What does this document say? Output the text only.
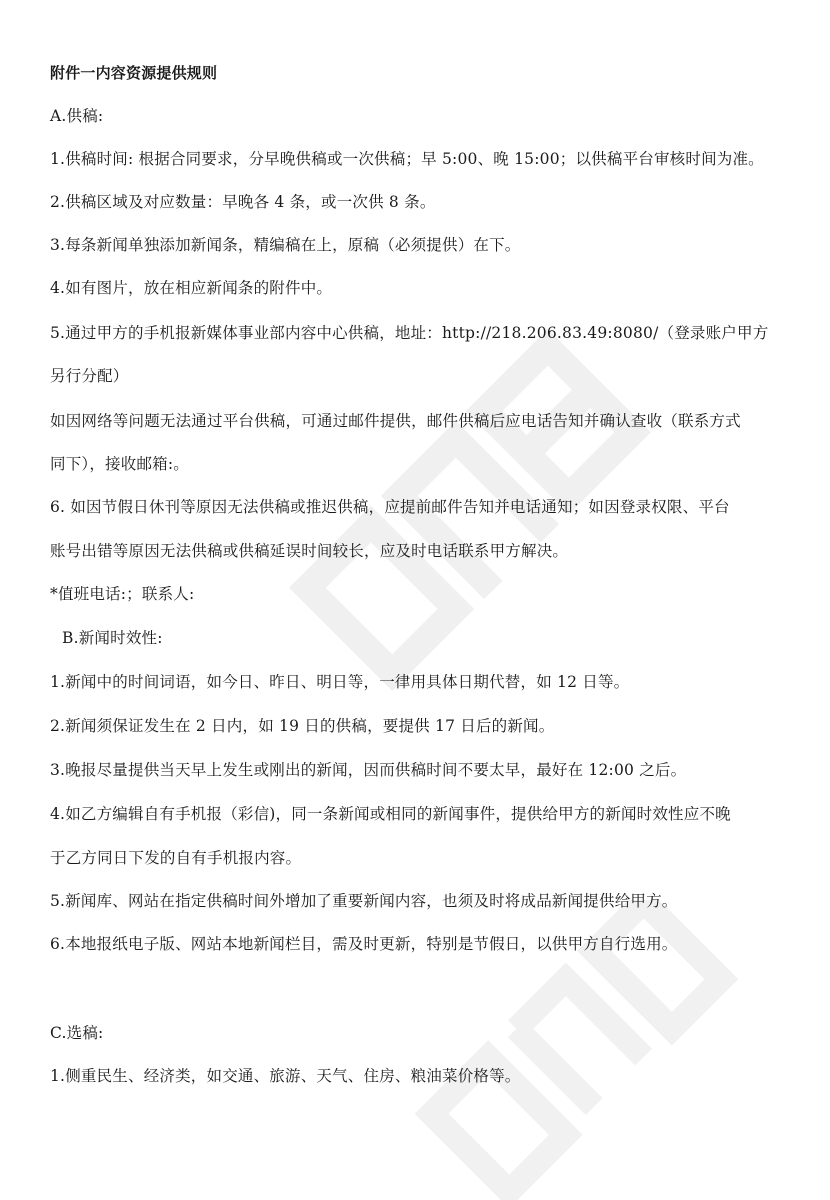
附件一内容资源提供规则
A.供稿:
1.供稿时间: 根据合同要求，分早晚供稿或一次供稿；早 5:00、晚 15:00；以供稿平台审核时间为准。
2.供稿区域及对应数量：早晚各 4 条，或一次供 8 条。
3.每条新闻单独添加新闻条，精编稿在上，原稿（必须提供）在下。
4.如有图片，放在相应新闻条的附件中。
5.通过甲方的手机报新媒体事业部内容中心供稿，地址：http://218.206.83.49:8080/（登录账户甲方
另行分配）
如因网络等问题无法通过平台供稿，可通过邮件提供，邮件供稿后应电话告知并确认查收（联系方式
同下），接收邮箱:。
6. 如因节假日休刊等原因无法供稿或推迟供稿，应提前邮件告知并电话通知；如因登录权限、平台
账号出错等原因无法供稿或供稿延误时间较长，应及时电话联系甲方解决。
*值班电话:；联系人:
B.新闻时效性:
1.新闻中的时间词语，如今日、昨日、明日等，一律用具体日期代替，如 12 日等。
2.新闻须保证发生在 2 日内，如 19 日的供稿，要提供 17 日后的新闻。
3.晚报尽量提供当天早上发生或刚出的新闻，因而供稿时间不要太早，最好在 12:00 之后。
4.如乙方编辑自有手机报（彩信)，同一条新闻或相同的新闻事件，提供给甲方的新闻时效性应不晚
于乙方同日下发的自有手机报内容。
5.新闻库、网站在指定供稿时间外增加了重要新闻内容，也须及时将成品新闻提供给甲方。
6.本地报纸电子版、网站本地新闻栏目，需及时更新，特别是节假日，以供甲方自行选用。
C.选稿:
1.侧重民生、经济类，如交通、旅游、天气、住房、粮油菜价格等。
